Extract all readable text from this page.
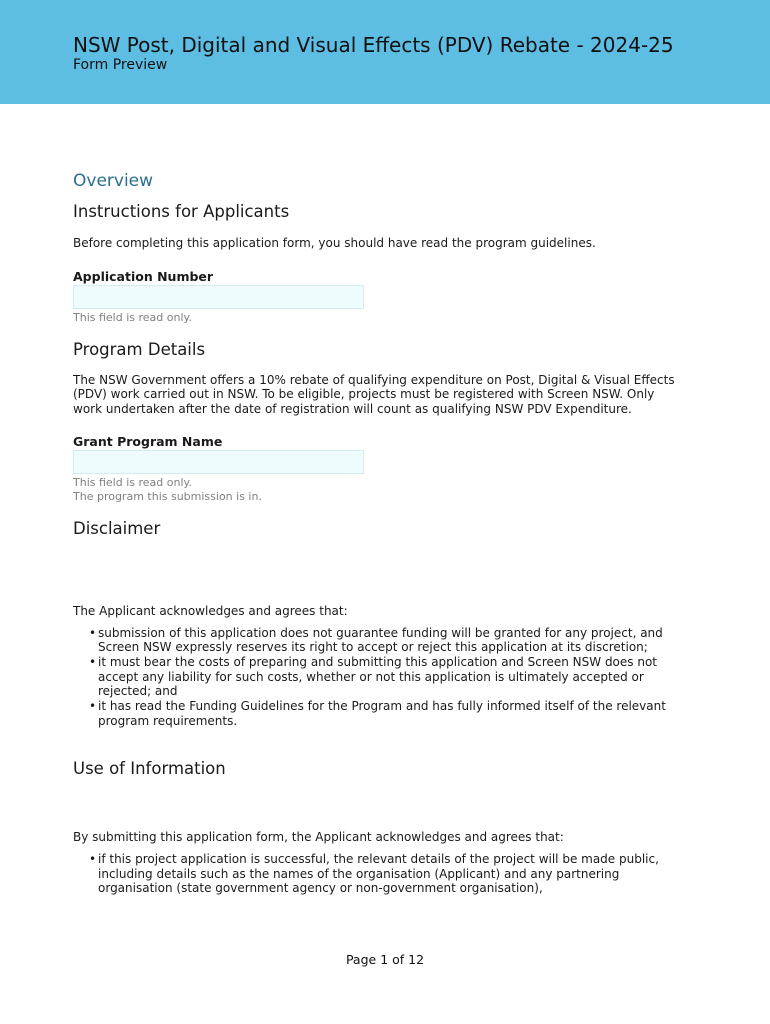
NSW Post, Digital and Visual Effects (PDV) Rebate - 2024-25
Form Preview
Overview
Instructions for Applicants

Before completing this application form, you should have read the program guidelines.

Application Number

This field is read only.

Program Details

The NSW Government offers a 10% rebate of qualifying expenditure on Post, Digital & Visual Effects (PDV) work carried out in NSW. To be eligible, projects must be registered with Screen NSW. Only work undertaken after the date of registration will count as qualifying NSW PDV Expenditure.

Grant Program Name

This field is read only.

The program this submission is in.

Disclaimer

The Applicant acknowledges and agrees that:

• submission of this application does not guarantee funding will be granted for any project, and Screen NSW expressly reserves its right to accept or reject this application at its discretion;
• it must bear the costs of preparing and submitting this application and Screen NSW does not accept any liability for such costs, whether or not this application is ultimately accepted or rejected; and
• it has read the Funding Guidelines for the Program and has fully informed itself of the relevant program requirements.
Use of Information

By submitting this application form, the Applicant acknowledges and agrees that:

• if this project application is successful, the relevant details of the project will be made public, including details such as the names of the organisation (Applicant) and any partnering organisation (state government agency or non-government organisation),
Page 1 of 12
